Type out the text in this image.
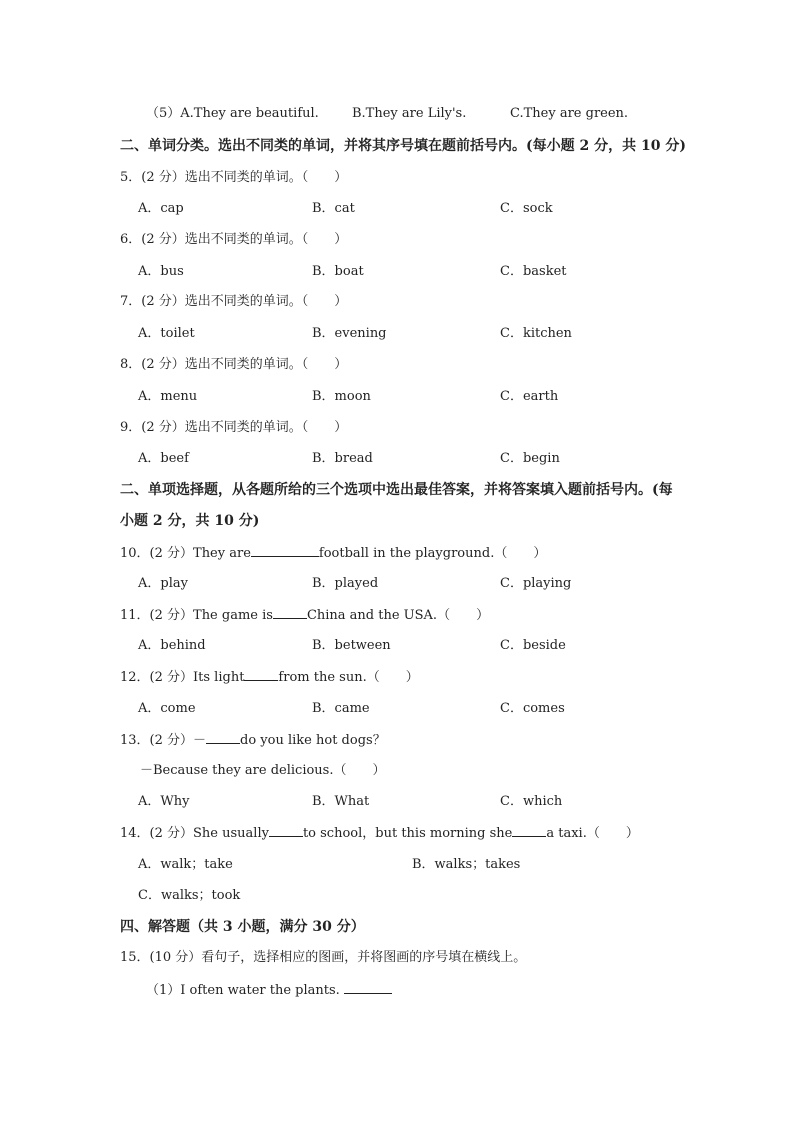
（5）A.They are beautiful.	B.They are Lily's.	C.They are green.
二、单词分类。选出不同类的单词，并将其序号填在题前括号内。(每小题 2 分，共 10 分)
5．(2 分）选出不同类的单词。（　　）
A．cap	B．cat	C．sock
6．(2 分）选出不同类的单词。（　　）
A．bus	B．boat	C．basket
7．(2 分）选出不同类的单词。（　　）
A．toilet	B．evening	C．kitchen
8．(2 分）选出不同类的单词。（　　）
A．menu	B．moon	C．earth
9．(2 分）选出不同类的单词。（　　）
A．beef	B．bread	C．begin
二、单项选择题，从各题所给的三个选项中选出最佳答案，并将答案填入题前括号内。(每
小题 2 分，共 10 分)
10．(2 分）They are	football in the playground.（　　）
A．play	B．played	C．playing
11．(2 分）The game is	China and the USA.（　　）
A．behind	B．between	C．beside
12．(2 分）Its light	from the sun.（　　）
A．come	B．came	C．comes
13．(2 分）－	do you like hot dogs？
－Because they are delicious.（　　）
A．Why	B．What	C．which
14．(2 分）She usually	to school，but this morning she	a taxi.（　　）
A．walk；take	B．walks；takes
C．walks；took
四、解答题（共 3 小题，满分 30 分）
15．(10 分）看句子，选择相应的图画，并将图画的序号填在横线上。
（1）I often water the plants.
